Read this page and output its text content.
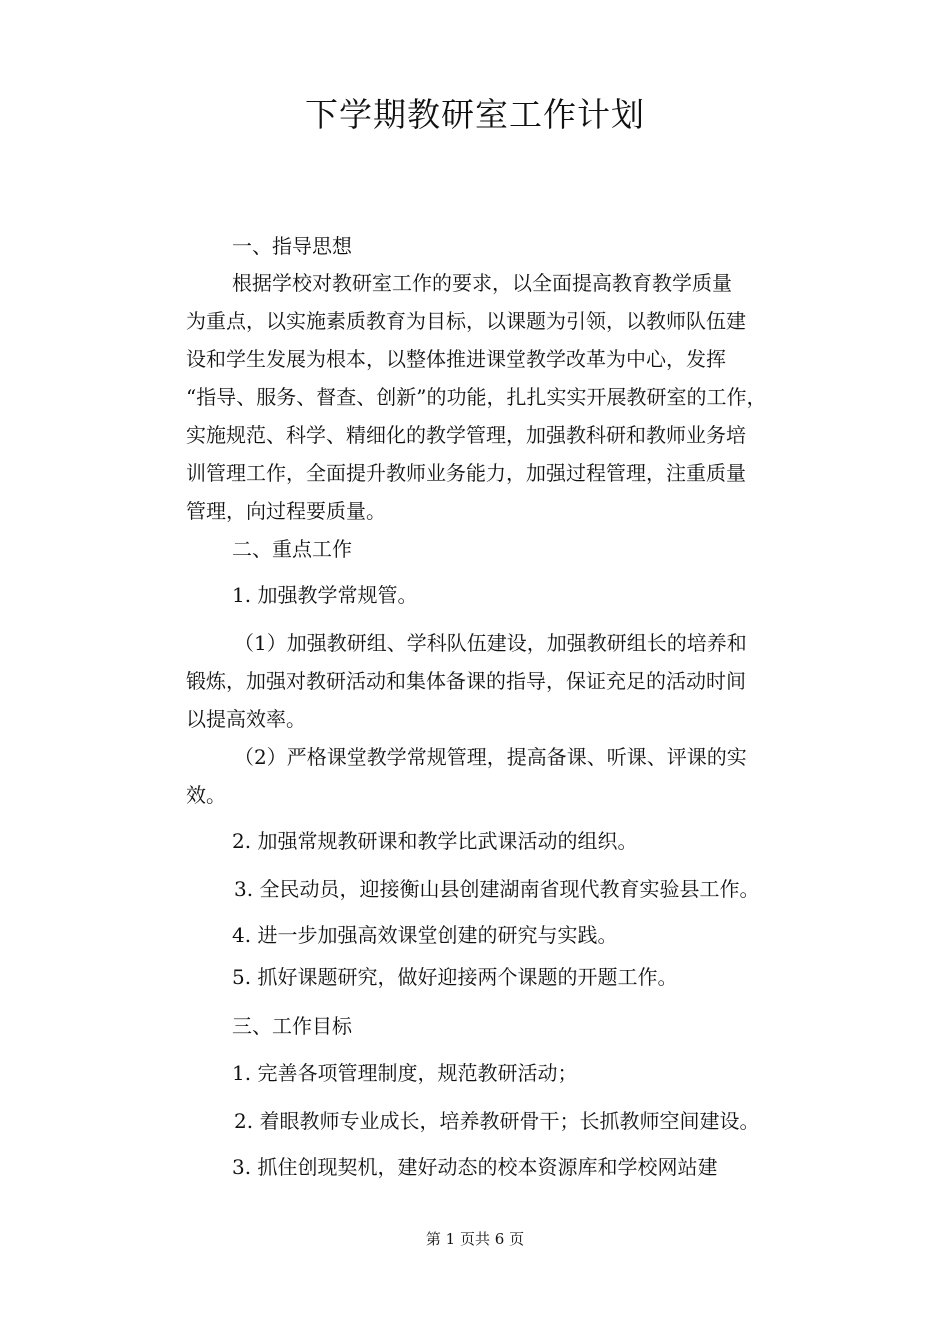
下学期教研室工作计划

一、指导思想

根据学校对教研室工作的要求，以全面提高教育教学质量

为重点，以实施素质教育为目标，以课题为引领，以教师队伍建

设和学生发展为根本，以整体推进课堂教学改革为中心，发挥

“指导、服务、督查、创新”的功能，扎扎实实开展教研室的工作，

实施规范、科学、精细化的教学管理，加强教科研和教师业务培

训管理工作，全面提升教师业务能力，加强过程管理，注重质量

管理，向过程要质量。

二、重点工作

1. 加强教学常规管。

（1）加强教研组、学科队伍建设，加强教研组长的培养和

锻炼，加强对教研活动和集体备课的指导，保证充足的活动时间

以提高效率。

（2）严格课堂教学常规管理，提高备课、听课、评课的实

效。

2. 加强常规教研课和教学比武课活动的组织。

3. 全民动员，迎接衡山县创建湖南省现代教育实验县工作。

4. 进一步加强高效课堂创建的研究与实践。

5. 抓好课题研究，做好迎接两个课题的开题工作。

三、工作目标

1. 完善各项管理制度，规范教研活动；

2. 着眼教师专业成长，培养教研骨干；长抓教师空间建设。

3. 抓住创现契机，建好动态的校本资源库和学校网站建

第 1 页共 6 页
